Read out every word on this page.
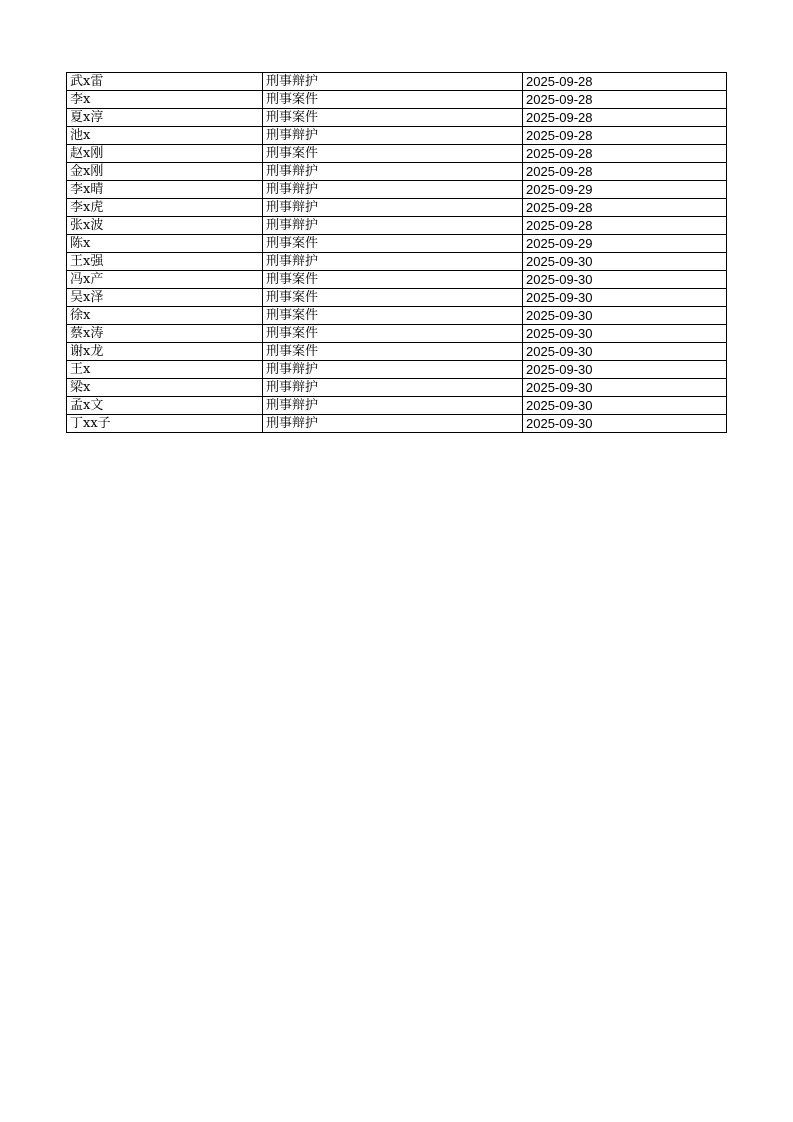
武x雷	刑事辩护	2025-09-28
李x	刑事案件	2025-09-28
夏x淳	刑事案件	2025-09-28
池x	刑事辩护	2025-09-28
赵x刚	刑事案件	2025-09-28
金x刚	刑事辩护	2025-09-28
李x晴	刑事辩护	2025-09-29
李x虎	刑事辩护	2025-09-28
张x波	刑事辩护	2025-09-28
陈x	刑事案件	2025-09-29
王x强	刑事辩护	2025-09-30
冯x产	刑事案件	2025-09-30
吴x泽	刑事案件	2025-09-30
徐x	刑事案件	2025-09-30
蔡x涛	刑事案件	2025-09-30
谢x龙	刑事案件	2025-09-30
王x	刑事辩护	2025-09-30
梁x	刑事辩护	2025-09-30
孟x文	刑事辩护	2025-09-30
丁xx子	刑事辩护	2025-09-30
